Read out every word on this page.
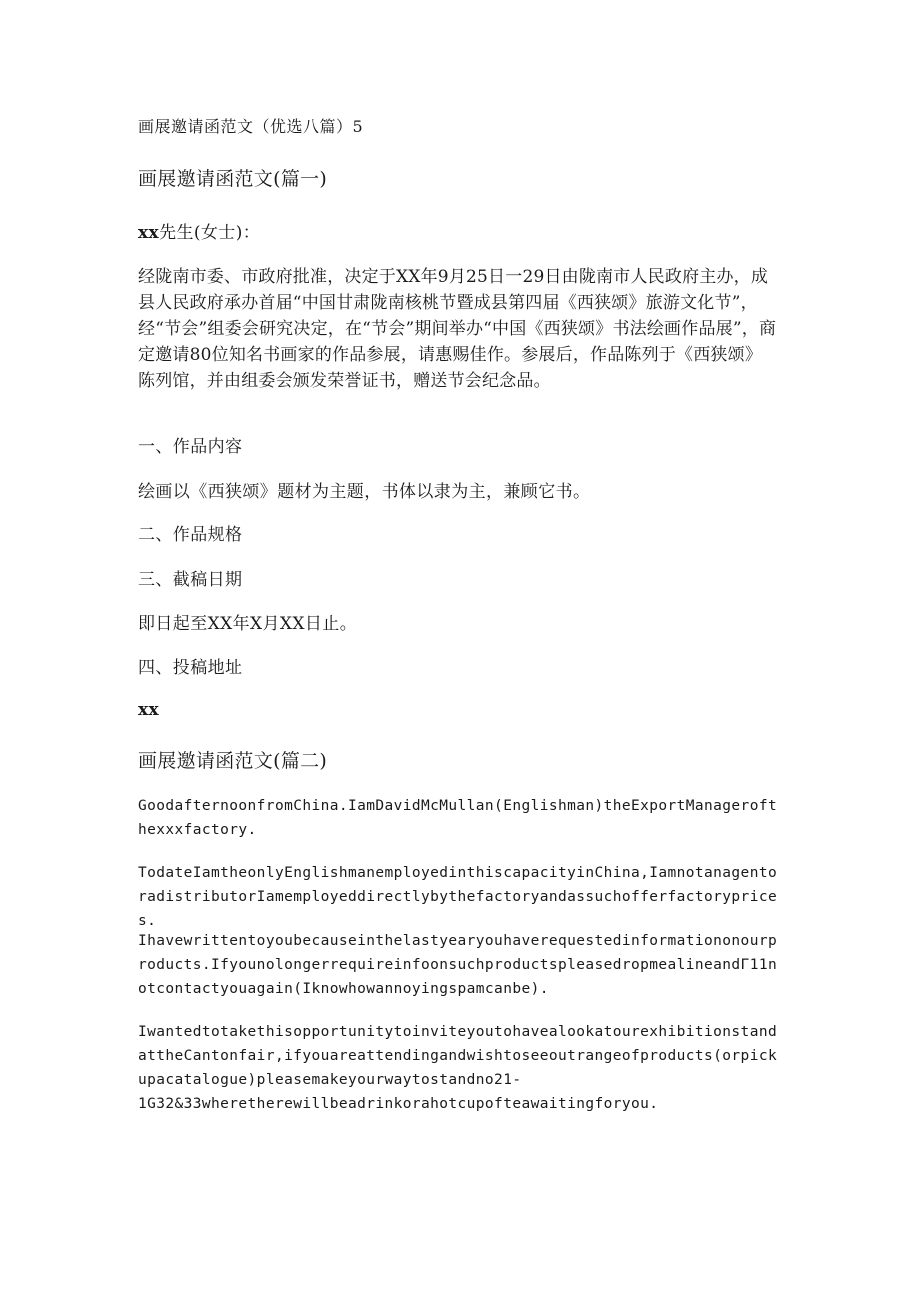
画展邀请函范文（优选八篇）5
画展邀请函范文(篇一)
xx先生(女士)：
经陇南市委、市政府批准，决定于XX年9月25日一29日由陇南市人民政府主办，成县人民政府承办首届“中国甘肃陇南核桃节暨成县第四届《西狭颂》旅游文化节”，经“节会”组委会研究决定，在“节会”期间举办“中国《西狭颂》书法绘画作品展”，商定邀请80位知名书画家的作品参展，请惠赐佳作。参展后，作品陈列于《西狭颂》陈列馆，并由组委会颁发荣誉证书，赠送节会纪念品。
一、作品内容
绘画以《西狭颂》题材为主题，书体以隶为主，兼顾它书。
二、作品规格
三、截稿日期
即日起至XX年X月XX日止。
四、投稿地址
xx
画展邀请函范文(篇二)
GoodafternoonfromChina.IamDavidMcMullan(Englishman)theExportManagerofthexxxfactory.
TodateIamtheonlyEnglishmanemployedinthiscapacityinChina,IamnotanagentoradistributorIamemployeddirectlybythefactoryandassuchofferfactoryprices.
Ihavewrittentoyoubecauseinthelastyearyouhaverequestedinformationonourproducts.IfyounolongerrequireinfoonsuchproductspleasedropmealineandΓ11notcontactyouagain(Iknowhowannoyingspamcanbe).
IwantedtotakethisopportunitytoinviteyoutohavealookatourexhibitionstandattheCantonfair,ifyouareattendingandwishtoseeoutrangeofproducts(orpickupacatalogue)pleasemakeyourwaytostandno21-
1G32&33wheretherewillbeadrinkorahotcupofteawaitingforyou.
